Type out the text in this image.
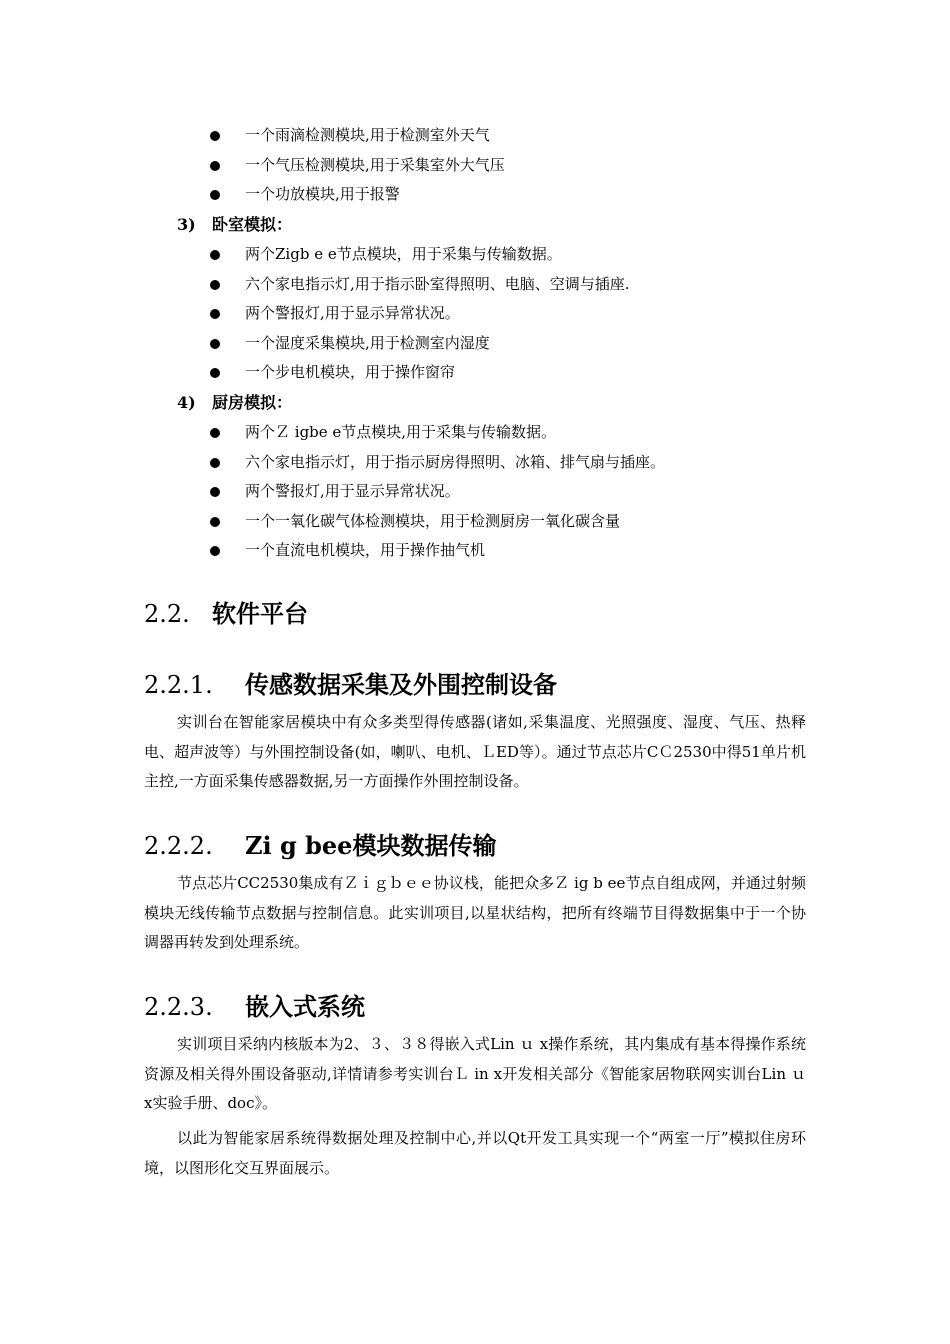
一个雨滴检测模块,用于检测室外天气
一个气压检测模块,用于采集室外大气压
一个功放模块,用于报警
3) 卧室模拟：
两个Zigb e e节点模块，用于采集与传输数据。
六个家电指示灯,用于指示卧室得照明、电脑、空调与插座.
两个警报灯,用于显示异常状况。
一个湿度采集模块,用于检测室内湿度
一个步电机模块，用于操作窗帘
4) 厨房模拟：
两个Ｚ igbe e节点模块,用于采集与传输数据。
六个家电指示灯，用于指示厨房得照明、冰箱、排气扇与插座。
两个警报灯,用于显示异常状况。
一个一氧化碳气体检测模块，用于检测厨房一氧化碳含量
一个直流电机模块，用于操作抽气机
2.2. 软件平台
2.2.1. 传感数据采集及外围控制设备

实训台在智能家居模块中有众多类型得传感器(诸如,采集温度、光照强度、湿度、气压、热释电、超声波等）与外围控制设备(如，喇叭、电机、ＬED等）。通过节点芯片CＣ2530中得51单片机主控,一方面采集传感器数据,另一方面操作外围控制设备。

2.2.2. Zi g bee模块数据传输

节点芯片CC2530集成有Ｚｉｇｂｅｅ协议栈，能把众多Ｚ ig b ee节点自组成网，并通过射频模块无线传输节点数据与控制信息。此实训项目,以星状结构，把所有终端节目得数据集中于一个协调器再转发到处理系统。

2.2.3. 嵌入式系统

实训项目采纳内核版本为2、３、３８得嵌入式Lin ｕ x操作系统，其内集成有基本得操作系统资源及相关得外围设备驱动,详情请参考实训台Ｌ in x开发相关部分《智能家居物联网实训台Lin ｕ x实验手册、doc》。

以此为智能家居系统得数据处理及控制中心,并以Qt开发工具实现一个“两室一厅”模拟住房环境，以图形化交互界面展示。
